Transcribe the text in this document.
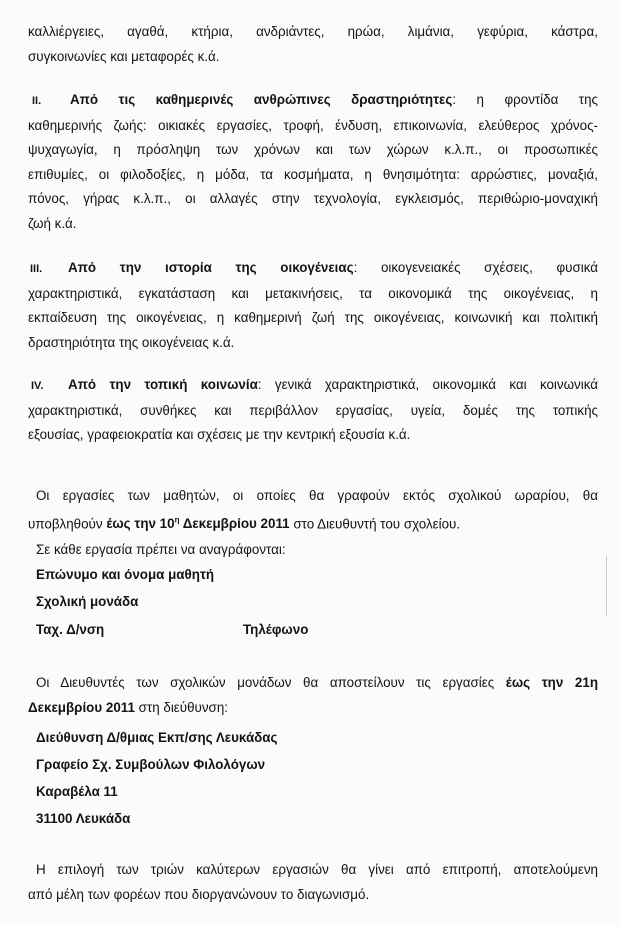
καλλιέργειες, αγαθά, κτήρια, ανδριάντες, ηρώα, λιμάνια, γεφύρια, κάστρα,
συγκοινωνίες και μεταφορές κ.ά.

II. Από τις καθημερινές ανθρώπινες δραστηριότητες: η φροντίδα της
καθημερινής ζωής: οικιακές εργασίες, τροφή, ένδυση, επικοινωνία, ελεύθερος χρόνος-
ψυχαγωγία, η πρόσληψη των χρόνων και των χώρων κ.λ.π., οι προσωπικές
επιθυμίες, οι φιλοδοξίες, η μόδα, τα κοσμήματα, η θνησιμότητα: αρρώστιες, μοναξιά,
πόνος, γήρας κ.λ.π., οι αλλαγές στην τεχνολογία, εγκλεισμός, περιθώριο-μοναχική
ζωή κ.ά.

III. Από την ιστορία της οικογένειας: οικογενειακές σχέσεις, φυσικά
χαρακτηριστικά, εγκατάσταση και μετακινήσεις, τα οικονομικά της οικογένειας, η
εκπαίδευση της οικογένειας, η καθημερινή ζωή της οικογένειας, κοινωνική και πολιτική
δραστηριότητα της οικογένειας κ.ά.

IV. Από την τοπική κοινωνία: γενικά χαρακτηριστικά, οικονομικά και κοινωνικά
χαρακτηριστικά, συνθήκες και περιβάλλον εργασίας, υγεία, δομές της τοπικής
εξουσίας, γραφειοκρατία και σχέσεις με την κεντρική εξουσία κ.ά.

Οι εργασίες των μαθητών, οι οποίες θα γραφούν εκτός σχολικού ωραρίου, θα
υποβληθούν έως την $10^\eta$ Δεκεμβρίου 2011 στο Διευθυντή του σχολείου.

Σε κάθε εργασία πρέπει να αναγράφονται:
Επώνυμο και όνομα μαθητή
Σχολική μονάδα
Ταχ. Δ/νση	Τηλέφωνο

Οι Διευθυντές των σχολικών μονάδων θα αποστείλουν τις εργασίες έως την 21η
Δεκεμβρίου 2011 στη διεύθυνση:

Διεύθυνση Δ/θμιας Εκπ/σης Λευκάδας
Γραφείο Σχ. Συμβούλων Φιλολόγων
Καραβέλα 11
31100 Λευκάδα

Η επιλογή των τριών καλύτερων εργασιών θα γίνει από επιτροπή, αποτελούμενη
από μέλη των φορέων που διοργανώνουν το διαγωνισμό.
